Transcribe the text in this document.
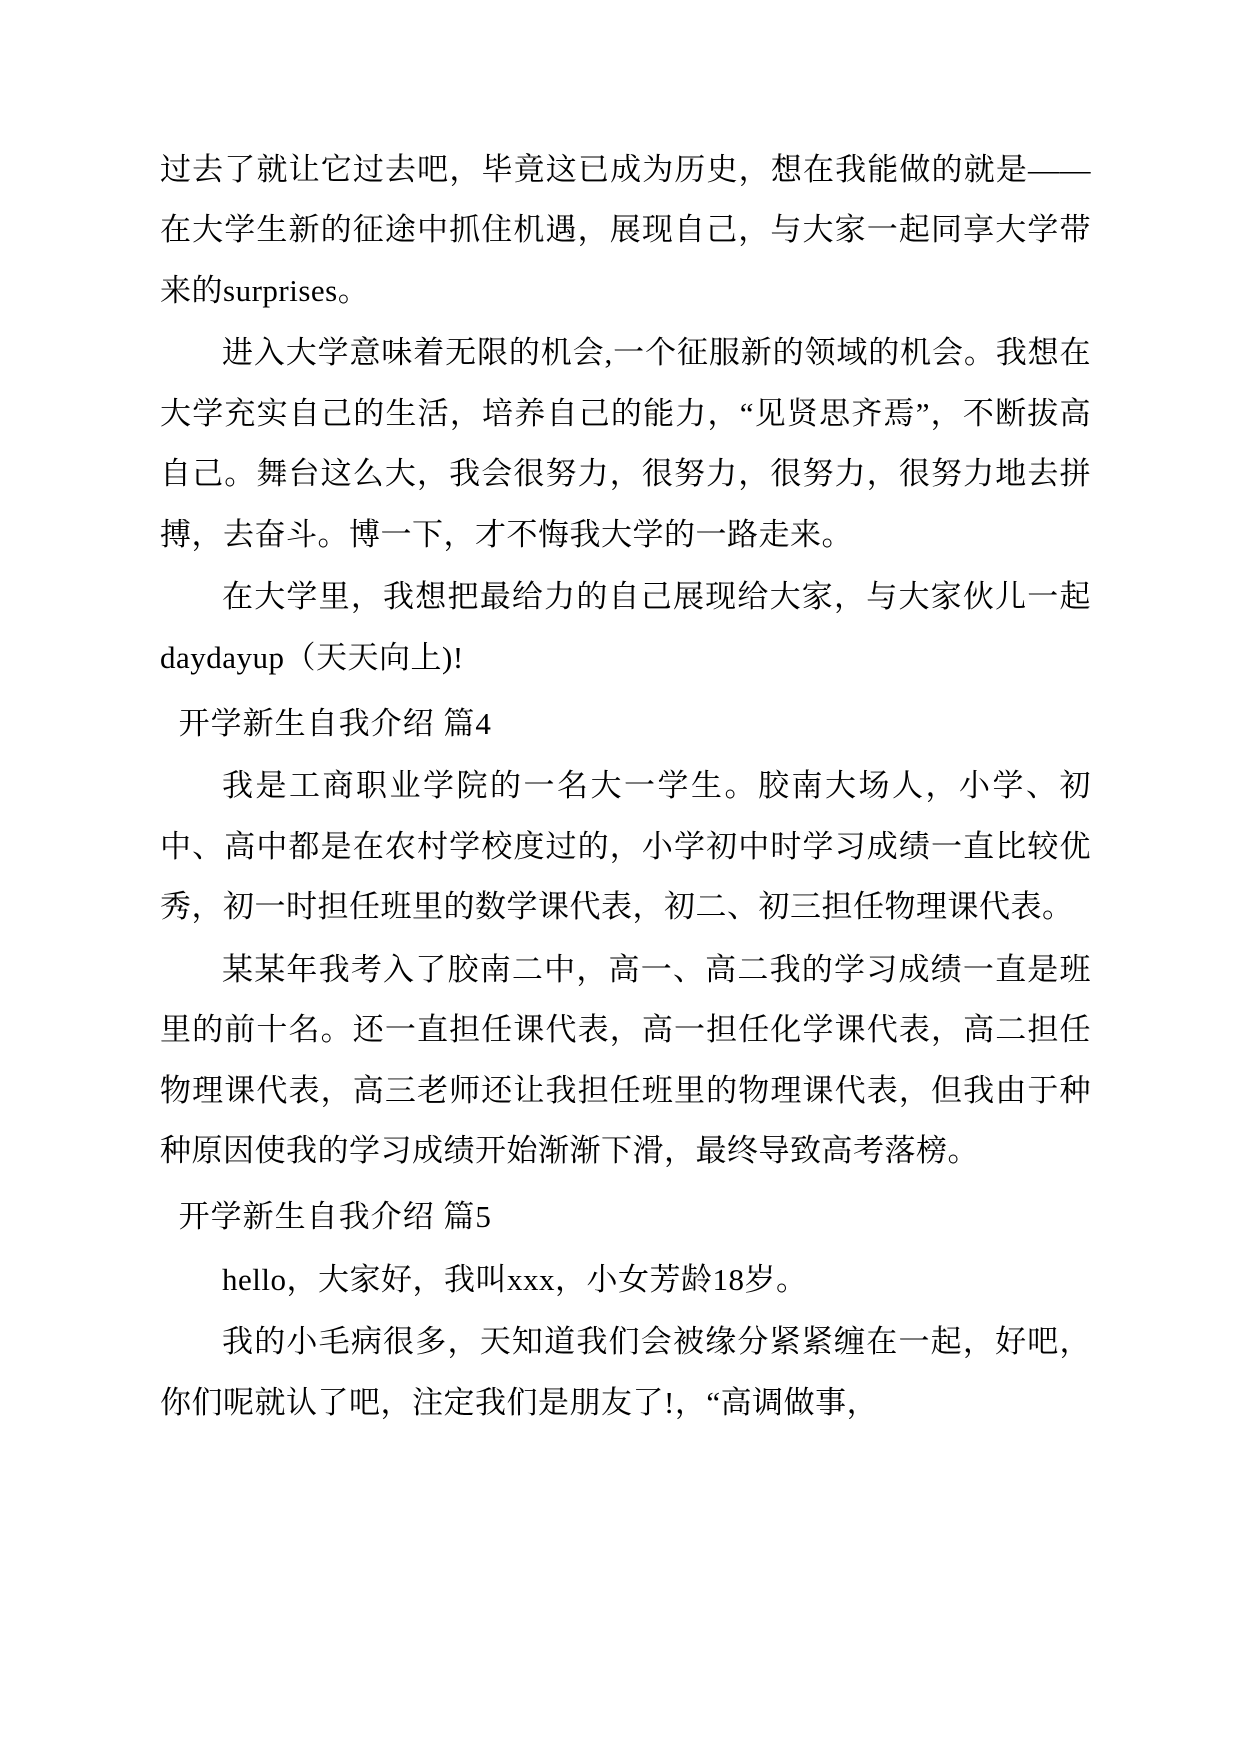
过去了就让它过去吧，毕竟这已成为历史，想在我能做的就是——在大学生新的征途中抓住机遇，展现自己，与大家一起同享大学带来的surprises。

进入大学意味着无限的机会,一个征服新的领域的机会。我想在大学充实自己的生活，培养自己的能力，“见贤思齐焉”，不断拔高自己。舞台这么大，我会很努力，很努力，很努力，很努力地去拼搏，去奋斗。博一下，才不悔我大学的一路走来。

在大学里，我想把最给力的自己展现给大家，与大家伙儿一起daydayup（天天向上)!

开学新生自我介绍 篇4

我是工商职业学院的一名大一学生。胶南大场人，小学、初中、高中都是在农村学校度过的，小学初中时学习成绩一直比较优秀，初一时担任班里的数学课代表，初二、初三担任物理课代表。

某某年我考入了胶南二中，高一、高二我的学习成绩一直是班里的前十名。还一直担任课代表，高一担任化学课代表，高二担任物理课代表，高三老师还让我担任班里的物理课代表，但我由于种种原因使我的学习成绩开始渐渐下滑，最终导致高考落榜。

开学新生自我介绍 篇5

hello，大家好，我叫xxx，小女芳龄18岁。

我的小毛病很多，天知道我们会被缘分紧紧缠在一起，好吧，你们呢就认了吧，注定我们是朋友了!，“高调做事，
